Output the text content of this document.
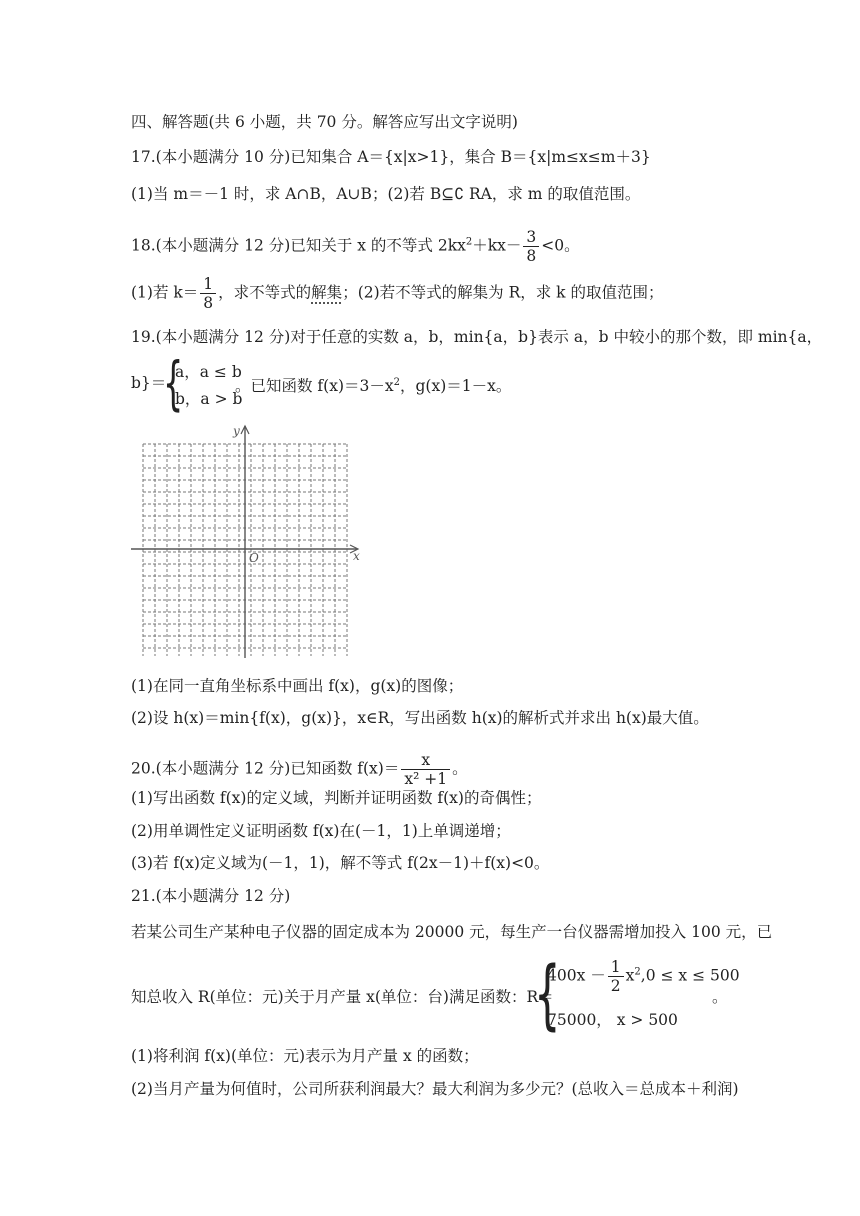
四、解答题(共 6 小题，共 70 分。解答应写出文字说明)
17.(本小题满分 10 分)已知集合 A＝{x|x>1}，集合 B＝{x|m≤x≤m＋3}
(1)当 m＝－1 时，求 A∩B，A∪B；(2)若 B⊆∁ RA，求 m 的取值范围。
18.(本小题满分 12 分)已知关于 x 的不等式 $2kx^2+kx- \frac{3}{8} <0$。
(1)若 $k= \frac{1}{8}$ ，求不等式的解集；(2)若不等式的解集为 R，求 k 的取值范围；
19.(本小题满分 12 分)对于任意的实数 a，b，min{a，b}表示 a，b 中较小的那个数，即 min{a，
b}＝
{
a，a ≤ b
b，a > b
。已知函数 $f(x)=3-x^2$，g(x)＝1－x。
y
x
O
(1)在同一直角坐标系中画出 f(x)，g(x)的图像；
(2)设 h(x)＝min{f(x)，g(x)}，x∈R，写出函数 h(x)的解析式并求出 h(x)最大值。
20.(本小题满分 12 分)已知函数 $f(x)= \frac{x}{\text{x² +1}}$ 。
(1)写出函数 f(x)的定义域，判断并证明函数 f(x)的奇偶性；
(2)用单调性定义证明函数 f(x)在(－1，1)上单调递增；
(3)若 f(x)定义域为(－1，1)，解不等式 f(2x－1)＋f(x)<0。
21.(本小题满分 12 分)
若某公司生产某种电子仪器的固定成本为 20000 元，每生产一台仪器需增加投入 100 元，已
知总收入 R(单位：元)关于月产量 x(单位：台)满足函数：R＝
{
$400x - \frac{1}{2} x^2,0 \le x \le 500$
75000， x > 500
。
(1)将利润 f(x)(单位：元)表示为月产量 x 的函数；
(2)当月产量为何值时，公司所获利润最大？最大利润为多少元？(总收入＝总成本＋利润)
